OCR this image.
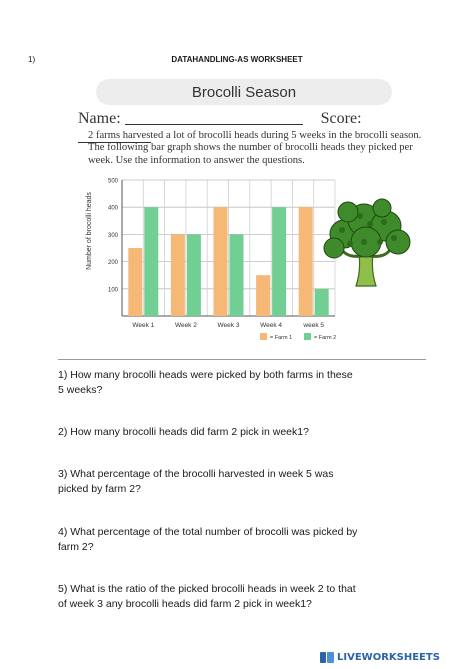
1)	DATAHANDLING-AS WORKSHEET
Brocolli Season
Name:	Score:
2 farms harvested a lot of brocolli heads during 5 weeks in the brocolli season. The following bar graph shows the number of brocolli heads they picked per week. Use the information to answer the questions.
Number of brocolli heads
100
200
300
400
500
Week 1	Week 2	Week 3	Week 4	week 5
= Farm 1	= Farm 2
1) How many brocolli heads were picked by both farms in these 5 weeks?
2) How many brocolli heads did farm 2 pick in week1?
3) What percentage of the brocolli harvested in week 5 was picked by farm 2?
4) What percentage of the total number of brocolli was picked by farm 2?
5) What is the ratio of the picked brocolli heads in week 2 to that of week 3 any brocolli heads did farm 2 pick in week1?
LIVEWORKSHEETS
